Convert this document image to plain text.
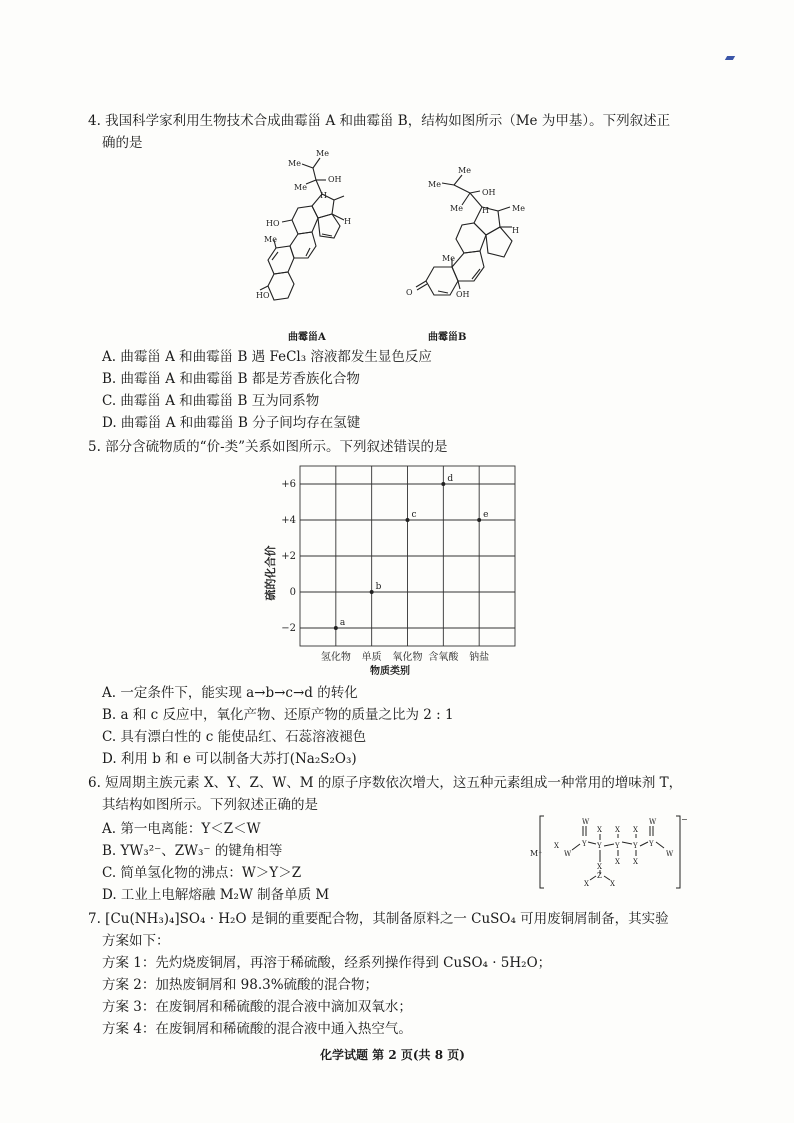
4. 我国科学家利用生物技术合成曲霉甾 A 和曲霉甾 B，结构如图所示（Me 为甲基）。下列叙述正
确的是
Me
Me
Me
OH
H
HO	H
Me
HO
曲霉甾A
Me
Me
Me
OH
H	Me
H
Me
OH
O
曲霉甾B
A. 曲霉甾 A 和曲霉甾 B 遇 FeCl₃ 溶液都发生显色反应
B. 曲霉甾 A 和曲霉甾 B 都是芳香族化合物
C. 曲霉甾 A 和曲霉甾 B 互为同系物
D. 曲霉甾 A 和曲霉甾 B 分子间均存在氢键
5. 部分含硫物质的“价-类”关系如图所示。下列叙述错误的是
+6
+4
+2
0
−2
氢化物 单质 氧化物 含氧酸 钠盐
a
b
c
d
e
硫的化合价
物质类别
A. 一定条件下，能实现 a→b→c→d 的转化
B. a 和 c 反应中，氧化产物、还原产物的质量之比为 2 : 1
C. 具有漂白性的 c 能使品红、石蕊溶液褪色
D. 利用 b 和 e 可以制备大苏打(Na₂S₂O₃)
6. 短周期主族元素 X、Y、Z、W、M 的原子序数依次增大，这五种元素组成一种常用的增味剂 T，
其结构如图所示。下列叙述正确的是
A. 第一电离能：Y＜Z＜W
B. YW₃²⁻、ZW₃⁻ 的键角相等
C. 简单氢化物的沸点：W＞Y＞Z
D. 工业上电解熔融 M₂W 制备单质 M
M⁺
−
X
W
Y
W
X
Y
X
Y
X
Y Y
W
W
X X
X
X
Z
X
7. [Cu(NH₃)₄]SO₄ · H₂O 是铜的重要配合物，其制备原料之一 CuSO₄ 可用废铜屑制备，其实验
方案如下：
方案 1：先灼烧废铜屑，再溶于稀硫酸，经系列操作得到 CuSO₄ · 5H₂O；
方案 2：加热废铜屑和 98.3%硫酸的混合物；
方案 3：在废铜屑和稀硫酸的混合液中滴加双氧水；
方案 4：在废铜屑和稀硫酸的混合液中通入热空气。
化学试题 第 2 页(共 8 页)
